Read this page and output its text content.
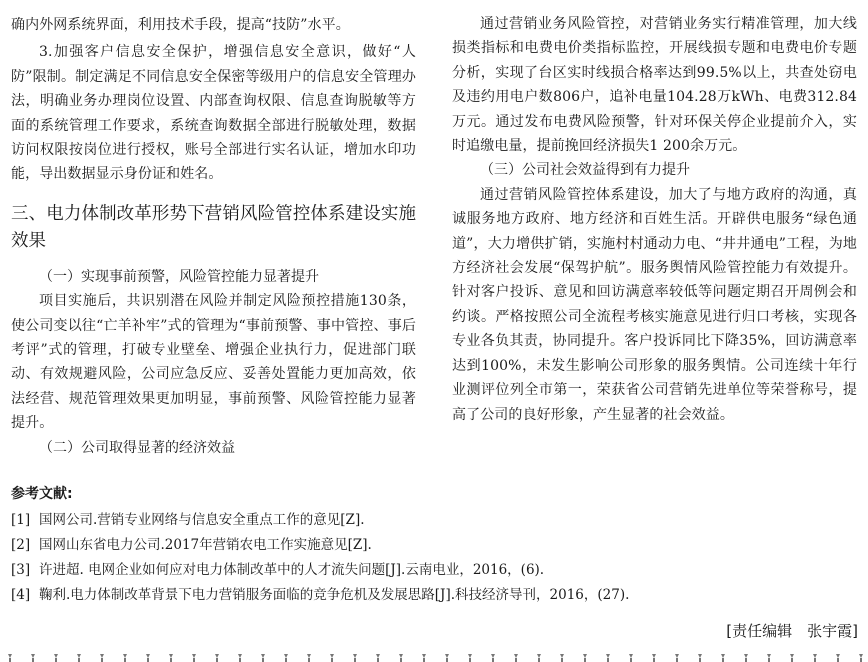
确内外网系统界面，利用技术手段，提高“技防”水平。

3.加强客户信息安全保护，增强信息安全意识，做好“人防”限制。制定满足不同信息安全保密等级用户的信息安全管理办法，明确业务办理岗位设置、内部查询权限、信息查询脱敏等方面的系统管理工作要求，系统查询数据全部进行脱敏处理，数据访问权限按岗位进行授权，账号全部进行实名认证，增加水印功能，导出数据显示身份证和姓名。

三、电力体制改革形势下营销风险管控体系建设实施效果
（一）实现事前预警，风险管控能力显著提升

项目实施后，共识别潜在风险并制定风险预控措施130条，使公司变以往“亡羊补牢”式的管理为“事前预警、事中管控、事后考评”式的管理，打破专业壁垒、增强企业执行力，促进部门联动、有效规避风险，公司应急反应、妥善处置能力更加高效，依法经营、规范管理效果更加明显，事前预警、风险管控能力显著提升。

（二）公司取得显著的经济效益

通过营销业务风险管控，对营销业务实行精准管理，加大线损类指标和电费电价类指标监控，开展线损专题和电费电价专题分析，实现了台区实时线损合格率达到99.5%以上，共查处窃电及违约用电户数806户，追补电量104.28万kWh、电费312.84万元。通过发布电费风险预警，针对环保关停企业提前介入，实时追缴电量，提前挽回经济损失1 200余万元。

（三）公司社会效益得到有力提升

通过营销风险管控体系建设，加大了与地方政府的沟通，真诚服务地方政府、地方经济和百姓生活。开辟供电服务“绿色通道”，大力增供扩销，实施村村通动力电、“井井通电”工程，为地方经济社会发展“保驾护航”。服务舆情风险管控能力有效提升。针对客户投诉、意见和回访满意率较低等问题定期召开周例会和约谈。严格按照公司全流程考核实施意见进行归口考核，实现各专业各负其责，协同提升。客户投诉同比下降35%，回访满意率达到100%，未发生影响公司形象的服务舆情。公司连续十年行业测评位列全市第一，荣获省公司营销先进单位等荣誉称号，提高了公司的良好形象，产生显著的社会效益。

参考文献:
[1] 国网公司.营销专业网络与信息安全重点工作的意见[Z].
[2] 国网山东省电力公司.2017年营销农电工作实施意见[Z].
[3] 许进超. 电网企业如何应对电力体制改革中的人才流失问题[J].云南电业，2016，(6).
[4] 鞠利.电力体制改革背景下电力营销服务面临的竞争危机及发展思路[J].科技经济导刊，2016，(27).
[责任编辑　张宇霞]
